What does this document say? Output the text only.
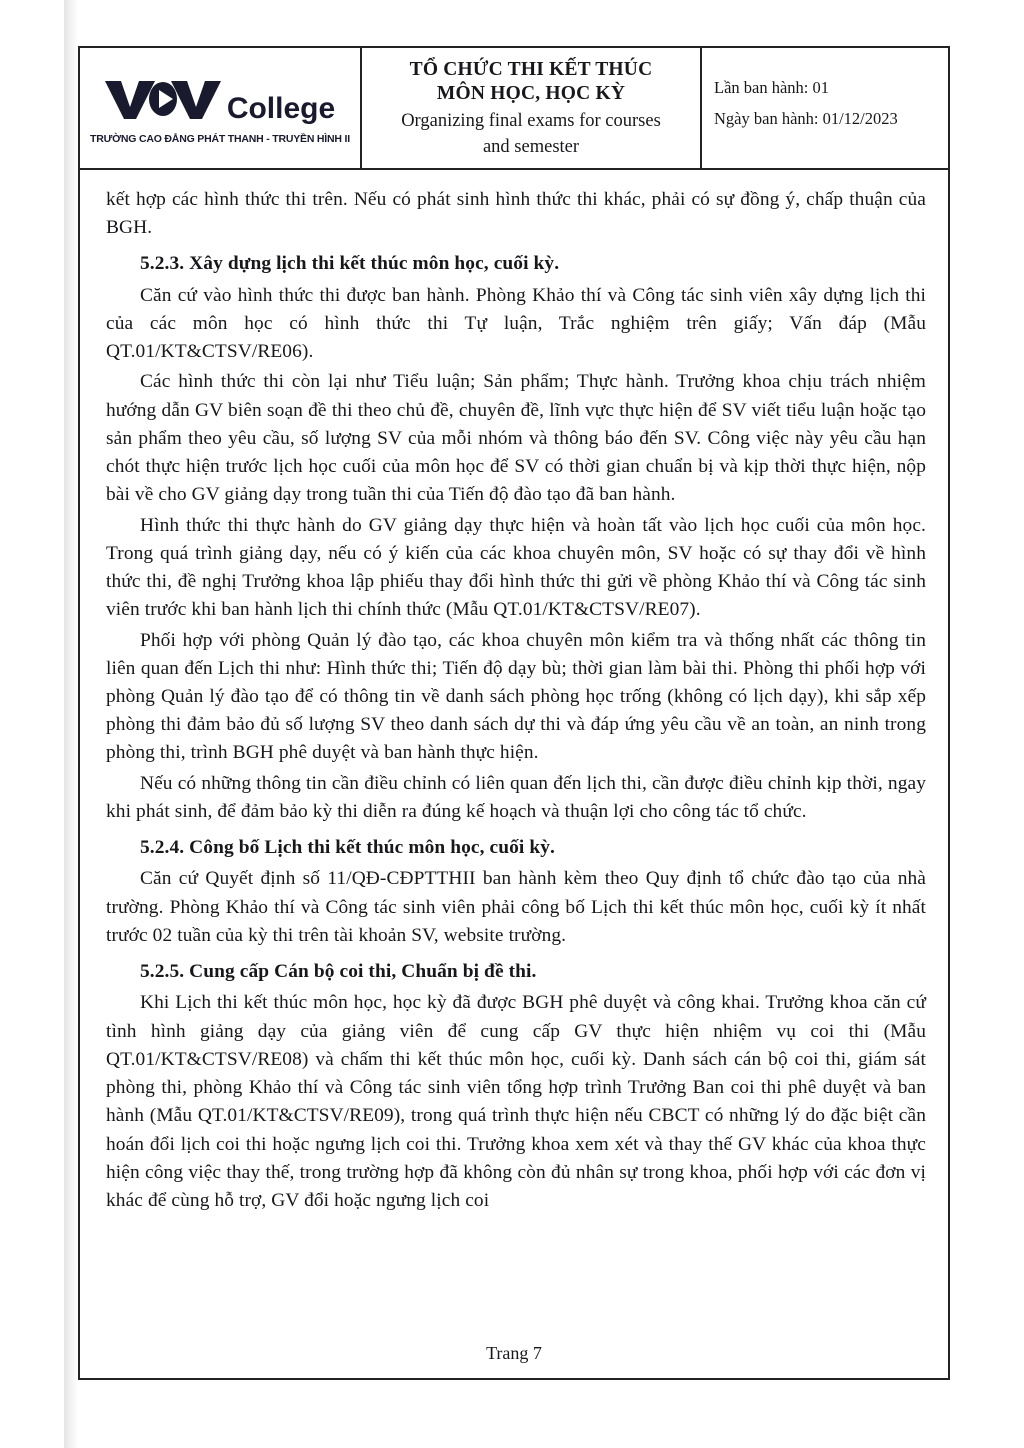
College
TRƯỜNG CAO ĐẲNG PHÁT THANH - TRUYỀN HÌNH II
TỔ CHỨC THI KẾT THÚC
MÔN HỌC, HỌC KỲ
Organizing final exams for courses
and semester
Lần ban hành: 01
Ngày ban hành: 01/12/2023

kết hợp các hình thức thi trên. Nếu có phát sinh hình thức thi khác, phải có sự đồng ý, chấp thuận của BGH.

5.2.3. Xây dựng lịch thi kết thúc môn học, cuối kỳ.

Căn cứ vào hình thức thi được ban hành. Phòng Khảo thí và Công tác sinh viên xây dựng lịch thi của các môn học có hình thức thi Tự luận, Trắc nghiệm trên giấy; Vấn đáp (Mẫu QT.01/KT&CTSV/RE06).

Các hình thức thi còn lại như Tiểu luận; Sản phẩm; Thực hành. Trưởng khoa chịu trách nhiệm hướng dẫn GV biên soạn đề thi theo chủ đề, chuyên đề, lĩnh vực thực hiện để SV viết tiểu luận hoặc tạo sản phẩm theo yêu cầu, số lượng SV của mỗi nhóm và thông báo đến SV. Công việc này yêu cầu hạn chót thực hiện trước lịch học cuối của môn học để SV có thời gian chuẩn bị và kịp thời thực hiện, nộp bài về cho GV giảng dạy trong tuần thi của Tiến độ đào tạo đã ban hành.

Hình thức thi thực hành do GV giảng dạy thực hiện và hoàn tất vào lịch học cuối của môn học. Trong quá trình giảng dạy, nếu có ý kiến của các khoa chuyên môn, SV hoặc có sự thay đổi về hình thức thi, đề nghị Trưởng khoa lập phiếu thay đổi hình thức thi gửi về phòng Khảo thí và Công tác sinh viên trước khi ban hành lịch thi chính thức (Mẫu QT.01/KT&CTSV/RE07).

Phối hợp với phòng Quản lý đào tạo, các khoa chuyên môn kiểm tra và thống nhất các thông tin liên quan đến Lịch thi như: Hình thức thi; Tiến độ dạy bù; thời gian làm bài thi. Phòng thi phối hợp với phòng Quản lý đào tạo để có thông tin về danh sách phòng học trống (không có lịch dạy), khi sắp xếp phòng thi đảm bảo đủ số lượng SV theo danh sách dự thi và đáp ứng yêu cầu về an toàn, an ninh trong phòng thi, trình BGH phê duyệt và ban hành thực hiện.

Nếu có những thông tin cần điều chỉnh có liên quan đến lịch thi, cần được điều chỉnh kịp thời, ngay khi phát sinh, để đảm bảo kỳ thi diễn ra đúng kế hoạch và thuận lợi cho công tác tổ chức.

5.2.4. Công bố Lịch thi kết thúc môn học, cuối kỳ.

Căn cứ Quyết định số 11/QĐ-CĐPTTHII ban hành kèm theo Quy định tổ chức đào tạo của nhà trường. Phòng Khảo thí và Công tác sinh viên phải công bố Lịch thi kết thúc môn học, cuối kỳ ít nhất trước 02 tuần của kỳ thi trên tài khoản SV, website trường.

5.2.5. Cung cấp Cán bộ coi thi, Chuẩn bị đề thi.

Khi Lịch thi kết thúc môn học, học kỳ đã được BGH phê duyệt và công khai. Trưởng khoa căn cứ tình hình giảng dạy của giảng viên để cung cấp GV thực hiện nhiệm vụ coi thi (Mẫu QT.01/KT&CTSV/RE08) và chấm thi kết thúc môn học, cuối kỳ. Danh sách cán bộ coi thi, giám sát phòng thi, phòng Khảo thí và Công tác sinh viên tổng hợp trình Trưởng Ban coi thi phê duyệt và ban hành (Mẫu QT.01/KT&CTSV/RE09), trong quá trình thực hiện nếu CBCT có những lý do đặc biệt cần hoán đổi lịch coi thi hoặc ngưng lịch coi thi. Trưởng khoa xem xét và thay thế GV khác của khoa thực hiện công việc thay thế, trong trường hợp đã không còn đủ nhân sự trong khoa, phối hợp với các đơn vị khác để cùng hỗ trợ, GV đổi hoặc ngưng lịch coi

Trang 7
